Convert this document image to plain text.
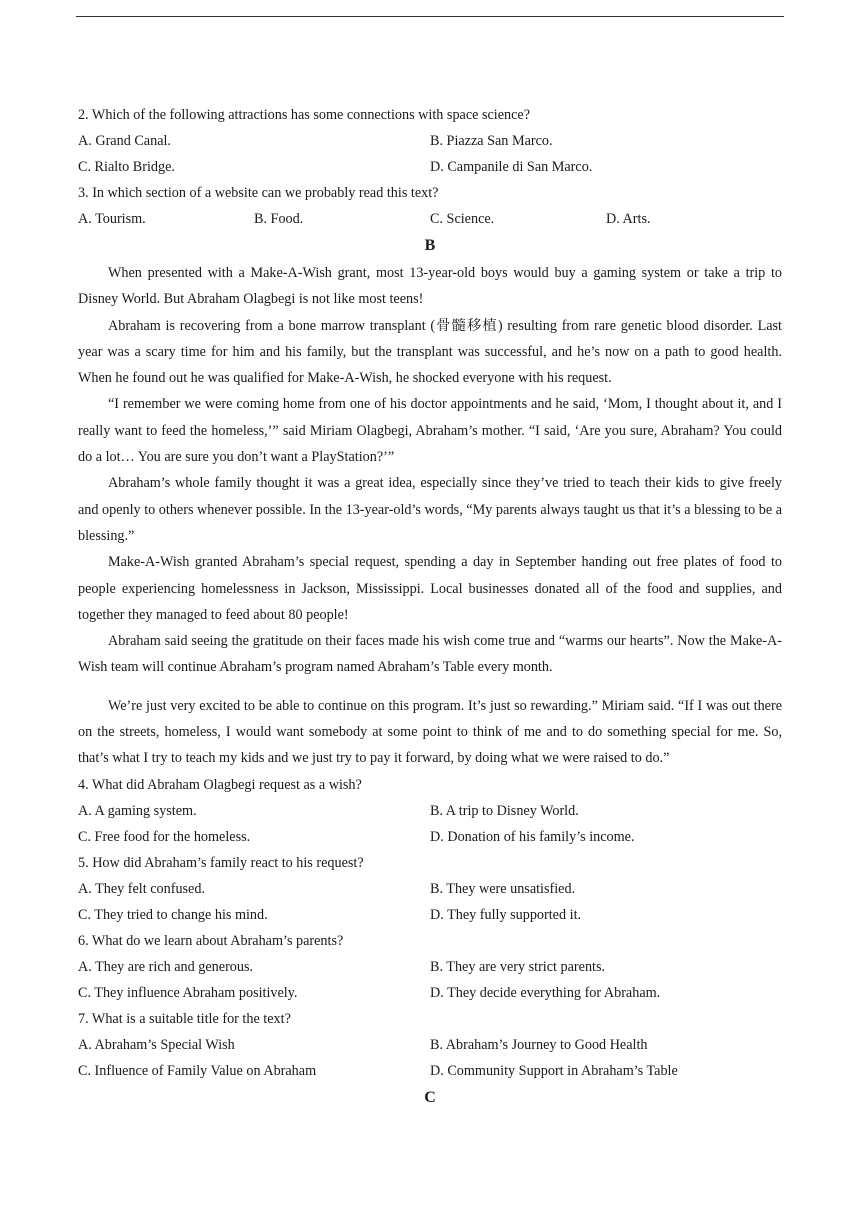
2. Which of the following attractions has some connections with space science?
A. Grand Canal.	B. Piazza San Marco.
C. Rialto Bridge.	D. Campanile di San Marco.
3. In which section of a website can we probably read this text?
A. Tourism.	B. Food.	C. Science.	D. Arts.
B

When presented with a Make-A-Wish grant, most 13-year-old boys would buy a gaming system or take a trip to Disney World. But Abraham Olagbegi is not like most teens!

Abraham is recovering from a bone marrow transplant (骨髓移植) resulting from rare genetic blood disorder. Last year was a scary time for him and his family, but the transplant was successful, and he’s now on a path to good health. When he found out he was qualified for Make-A-Wish, he shocked everyone with his request.

“I remember we were coming home from one of his doctor appointments and he said, ‘Mom, I thought about it, and I really want to feed the homeless,’” said Miriam Olagbegi, Abraham’s mother. “I said, ‘Are you sure, Abraham? You could do a lot… You are sure you don’t want a PlayStation?’”

Abraham’s whole family thought it was a great idea, especially since they’ve tried to teach their kids to give freely and openly to others whenever possible. In the 13-year-old’s words, “My parents always taught us that it’s a blessing to be a blessing.”

Make-A-Wish granted Abraham’s special request, spending a day in September handing out free plates of food to people experiencing homelessness in Jackson, Mississippi. Local businesses donated all of the food and supplies, and together they managed to feed about 80 people!

Abraham said seeing the gratitude on their faces made his wish come true and “warms our hearts”. Now the Make-A-Wish team will continue Abraham’s program named Abraham’s Table every month.

We’re just very excited to be able to continue on this program. It’s just so rewarding.” Miriam said. “If I was out there on the streets, homeless, I would want somebody at some point to think of me and to do something special for me. So, that’s what I try to teach my kids and we just try to pay it forward, by doing what we were raised to do.”

4. What did Abraham Olagbegi request as a wish?
A. A gaming system.	B. A trip to Disney World.
C. Free food for the homeless.	D. Donation of his family’s income.
5. How did Abraham’s family react to his request?
A. They felt confused.	B. They were unsatisfied.
C. They tried to change his mind.	D. They fully supported it.
6. What do we learn about Abraham’s parents?
A. They are rich and generous.	B. They are very strict parents.
C. They influence Abraham positively.	D. They decide everything for Abraham.
7. What is a suitable title for the text?
A. Abraham’s Special Wish	B. Abraham’s Journey to Good Health
C. Influence of Family Value on Abraham	D. Community Support in Abraham’s Table
C
